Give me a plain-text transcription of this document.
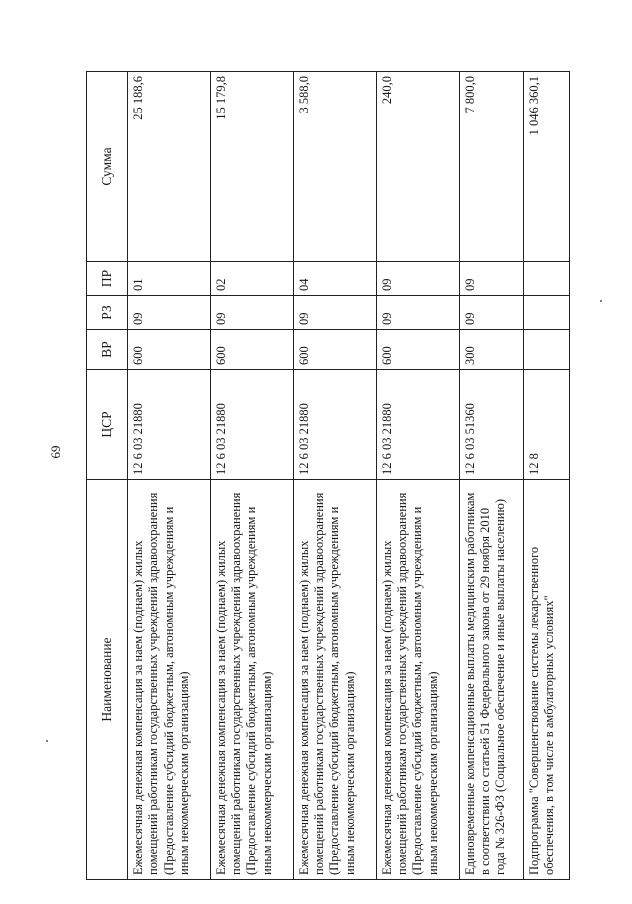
69
Наименование	ЦСР	ВР	РЗ	ПР	Сумма
Ежемесячная денежная компенсация за наем (поднаем) жилых помещений работникам государственных учреждений здравоохранения (Предоставление субсидий бюджетным, автономным учреждениям и иным некоммерческим организациям)	12 6 03 21880	600	09	01	25 188,6
Ежемесячная денежная компенсация за наем (поднаем) жилых помещений работникам государственных учреждений здравоохранения (Предоставление субсидий бюджетным, автономным учреждениям и иным некоммерческим организациям)	12 6 03 21880	600	09	02	15 179,8
Ежемесячная денежная компенсация за наем (поднаем) жилых помещений работникам государственных учреждений здравоохранения (Предоставление субсидий бюджетным, автономным учреждениям и иным некоммерческим организациям)	12 6 03 21880	600	09	04	3 588,0
Ежемесячная денежная компенсация за наем (поднаем) жилых помещений работникам государственных учреждений здравоохранения (Предоставление субсидий бюджетным, автономным учреждениям и иным некоммерческим организациям)	12 6 03 21880	600	09	09	240,0
Единовременные компенсационные выплаты медицинским работникам в соответствии со статьей 51 Федерального закона от 29 ноября 2010 года № 326-ФЗ (Социальное обеспечение и иные выплаты населению)	12 6 03 51360	300	09	09	7 800,0
Подпрограмма "Совершенствование системы лекарственного обеспечения, в том числе в амбулаторных условиях"	12 8				1 046 360,1
